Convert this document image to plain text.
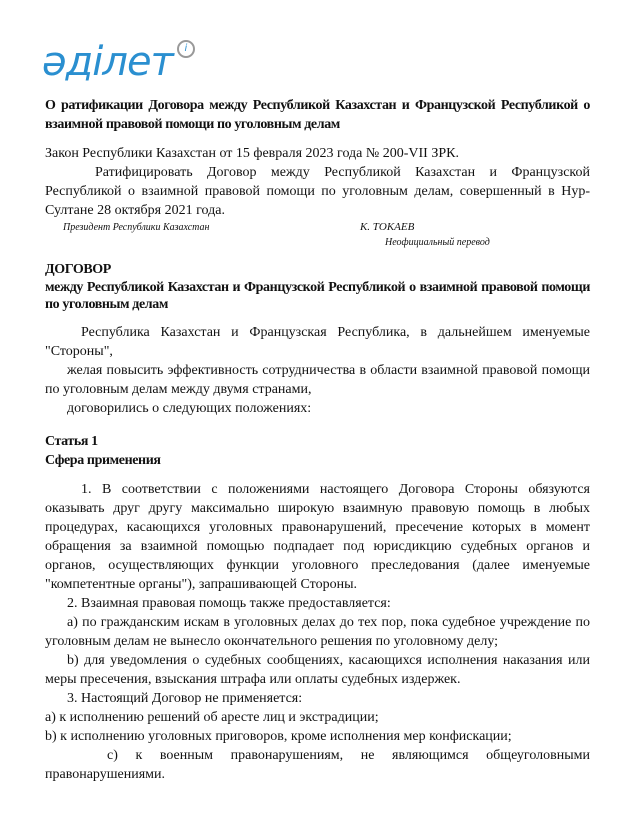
әділет	i

О ратификации Договора между Республикой Казахстан и Французской Республикой о взаимной правовой помощи по уголовным делам

Закон Республики Казахстан от 15 февраля 2023 года № 200-VII ЗРК.

Ратифицировать Договор между Республикой Казахстан и Французской Республикой о взаимной правовой помощи по уголовным делам, совершенный в Нур-Султане 28 октября 2021 года.

Президент Республики Казахстан	К. ТОКАЕВ
Неофициальный перевод

ДОГОВОР

между Республикой Казахстан и Французской Республикой о взаимной правовой помощи по уголовным делам

Республика Казахстан и Французская Республика, в дальнейшем именуемые "Стороны",

желая повысить эффективность сотрудничества в области взаимной правовой помощи по уголовным делам между двумя странами,

договорились о следующих положениях:

Статья 1

Сфера применения

1. В соответствии с положениями настоящего Договора Стороны обязуются оказывать друг другу максимально широкую взаимную правовую помощь в любых процедурах, касающихся уголовных правонарушений, пресечение которых в момент обращения за взаимной помощью подпадает под юрисдикцию судебных органов и органов, осуществляющих функции уголовного преследования (далее именуемые "компетентные органы"), запрашивающей Стороны.

2. Взаимная правовая помощь также предоставляется:

а) по гражданским искам в уголовных делах до тех пор, пока судебное учреждение по уголовным делам не вынесло окончательного решения по уголовному делу;

b) для уведомления о судебных сообщениях, касающихся исполнения наказания или меры пресечения, взыскания штрафа или оплаты судебных издержек.

3. Настоящий Договор не применяется:

a) к исполнению решений об аресте лиц и экстрадиции;

b) к исполнению уголовных приговоров, кроме исполнения мер конфискации;

c) к военным правонарушениям, не являющимся общеуголовными правонарушениями.
